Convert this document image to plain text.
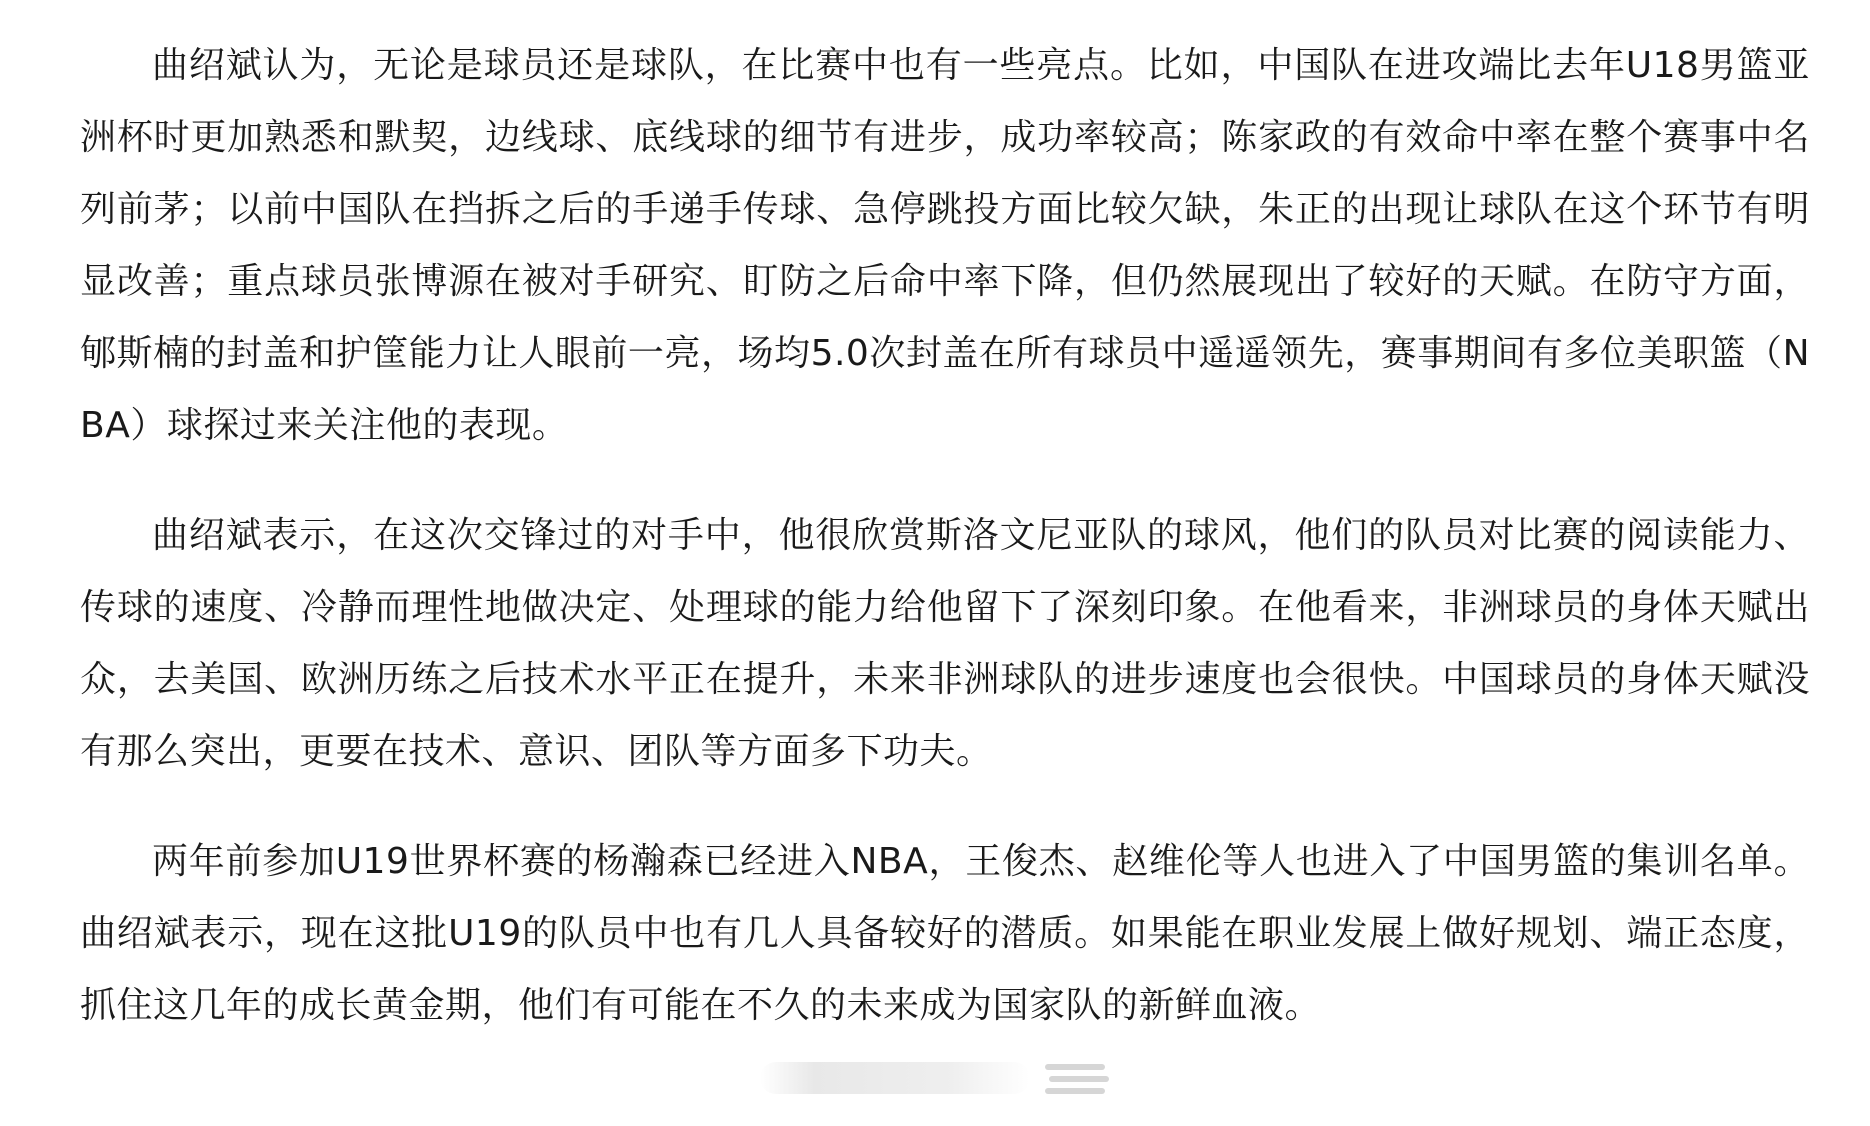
曲绍斌认为，无论是球员还是球队，在比赛中也有一些亮点。比如，中国队在进攻端比去年U18男篮亚洲杯时更加熟悉和默契，边线球、底线球的细节有进步，成功率较高；陈家政的有效命中率在整个赛事中名列前茅；以前中国队在挡拆之后的手递手传球、急停跳投方面比较欠缺，朱正的出现让球队在这个环节有明显改善；重点球员张博源在被对手研究、盯防之后命中率下降，但仍然展现出了较好的天赋。在防守方面，郇斯楠的封盖和护筐能力让人眼前一亮，场均5.0次封盖在所有球员中遥遥领先，赛事期间有多位美职篮（NBA）球探过来关注他的表现。

曲绍斌表示，在这次交锋过的对手中，他很欣赏斯洛文尼亚队的球风，他们的队员对比赛的阅读能力、传球的速度、冷静而理性地做决定、处理球的能力给他留下了深刻印象。在他看来，非洲球员的身体天赋出众，去美国、欧洲历练之后技术水平正在提升，未来非洲球队的进步速度也会很快。中国球员的身体天赋没有那么突出，更要在技术、意识、团队等方面多下功夫。

两年前参加U19世界杯赛的杨瀚森已经进入NBA，王俊杰、赵维伦等人也进入了中国男篮的集训名单。曲绍斌表示，现在这批U19的队员中也有几人具备较好的潜质。如果能在职业发展上做好规划、端正态度，抓住这几年的成长黄金期，他们有可能在不久的未来成为国家队的新鲜血液。
